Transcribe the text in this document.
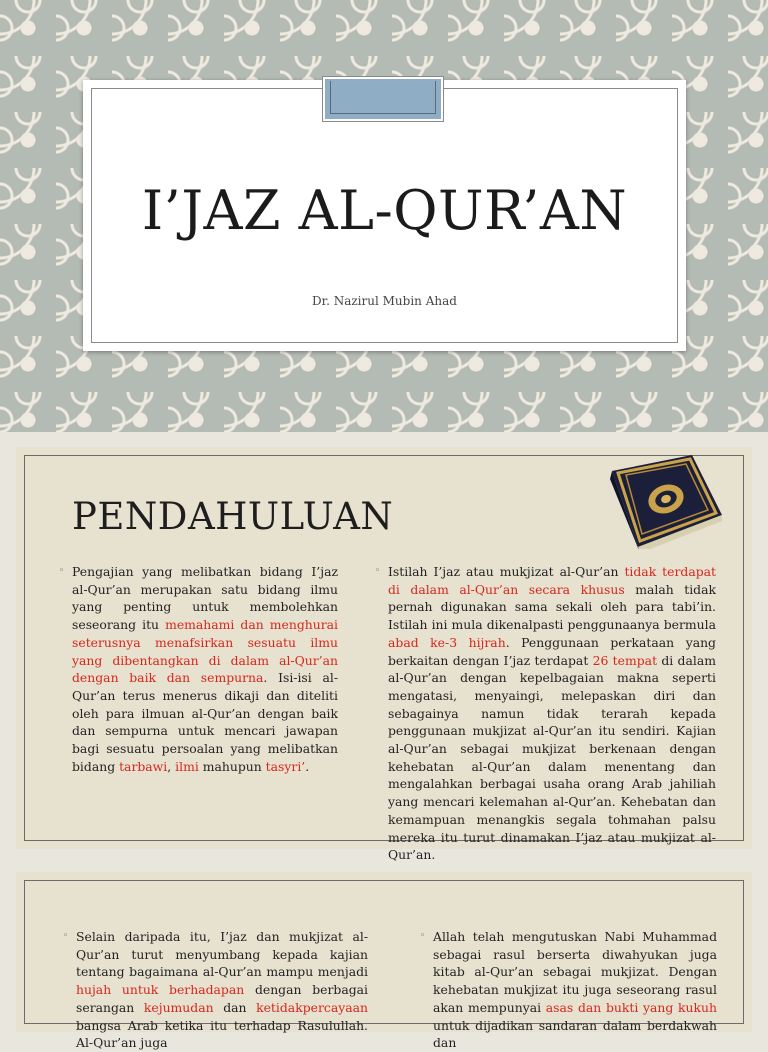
I’JAZ AL-QUR’AN
Dr. Nazirul Mubin Ahad
PENDAHULUAN
◦ Pengajian yang melibatkan bidang I’jaz al-Qur’an merupakan satu bidang ilmu yang penting untuk membolehkan seseorang itu memahami dan menghurai seterusnya menafsirkan sesuatu ilmu yang dibentangkan di dalam al-Qur’an dengan baik dan sempurna. Isi-isi al-Qur’an terus menerus dikaji dan diteliti oleh para ilmuan al-Qur’an dengan baik dan sempurna untuk mencari jawapan bagi sesuatu persoalan yang melibatkan bidang tarbawi, ilmi mahupun tasyri’.
◦ Istilah I’jaz atau mukjizat al-Qur’an tidak terdapat di dalam al-Qur’an secara khusus malah tidak pernah digunakan sama sekali oleh para tabi’in. Istilah ini mula dikenalpasti penggunaanya bermula abad ke-3 hijrah. Penggunaan perkataan yang berkaitan dengan I’jaz terdapat 26 tempat di dalam al-Qur’an dengan kepelbagaian makna seperti mengatasi, menyaingi, melepaskan diri dan sebagainya namun tidak terarah kepada penggunaan mukjizat al-Qur’an itu sendiri. Kajian al-Qur’an sebagai mukjizat berkenaan dengan kehebatan al-Qur’an dalam menentang dan mengalahkan berbagai usaha orang Arab jahiliah yang mencari kelemahan al-Qur’an. Kehebatan dan kemampuan menangkis segala tohmahan palsu mereka itu turut dinamakan I’jaz atau mukjizat al-Qur’an.
◦ Selain daripada itu, I’jaz dan mukjizat al-Qur’an turut menyumbang kepada kajian tentang bagaimana al-Qur’an mampu menjadi hujah untuk berhadapan dengan berbagai serangan kejumudan dan ketidakpercayaan bangsa Arab ketika itu terhadap Rasulullah. Al-Qur’an juga
◦ Allah telah mengutuskan Nabi Muhammad sebagai rasul berserta diwahyukan juga kitab al-Qur’an sebagai mukjizat. Dengan kehebatan mukjizat itu juga seseorang rasul akan mempunyai asas dan bukti yang kukuh untuk dijadikan sandaran dalam berdakwah dan
